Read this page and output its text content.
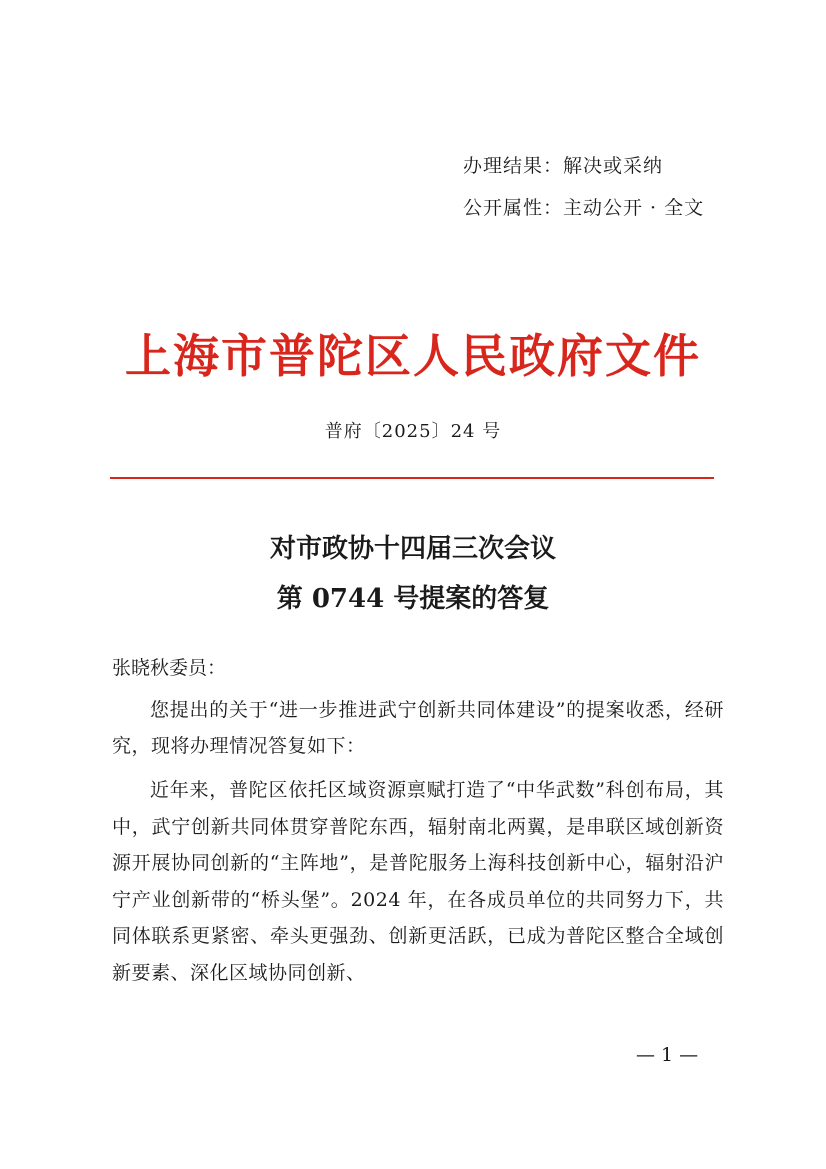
办理结果：解决或采纳
公开属性：主动公开 · 全文
上海市普陀区人民政府文件
普府〔2025〕24 号
对市政协十四届三次会议
第 0744 号提案的答复
张晓秋委员：

您提出的关于“进一步推进武宁创新共同体建设”的提案收悉，经研究，现将办理情况答复如下：

近年来，普陀区依托区域资源禀赋打造了“中华武数”科创布局，其中，武宁创新共同体贯穿普陀东西，辐射南北两翼，是串联区域创新资源开展协同创新的“主阵地”，是普陀服务上海科技创新中心，辐射沿沪宁产业创新带的“桥头堡”。2024 年，在各成员单位的共同努力下，共同体联系更紧密、牵头更强劲、创新更活跃，已成为普陀区整合全域创新要素、深化区域协同创新、

— 1 —
